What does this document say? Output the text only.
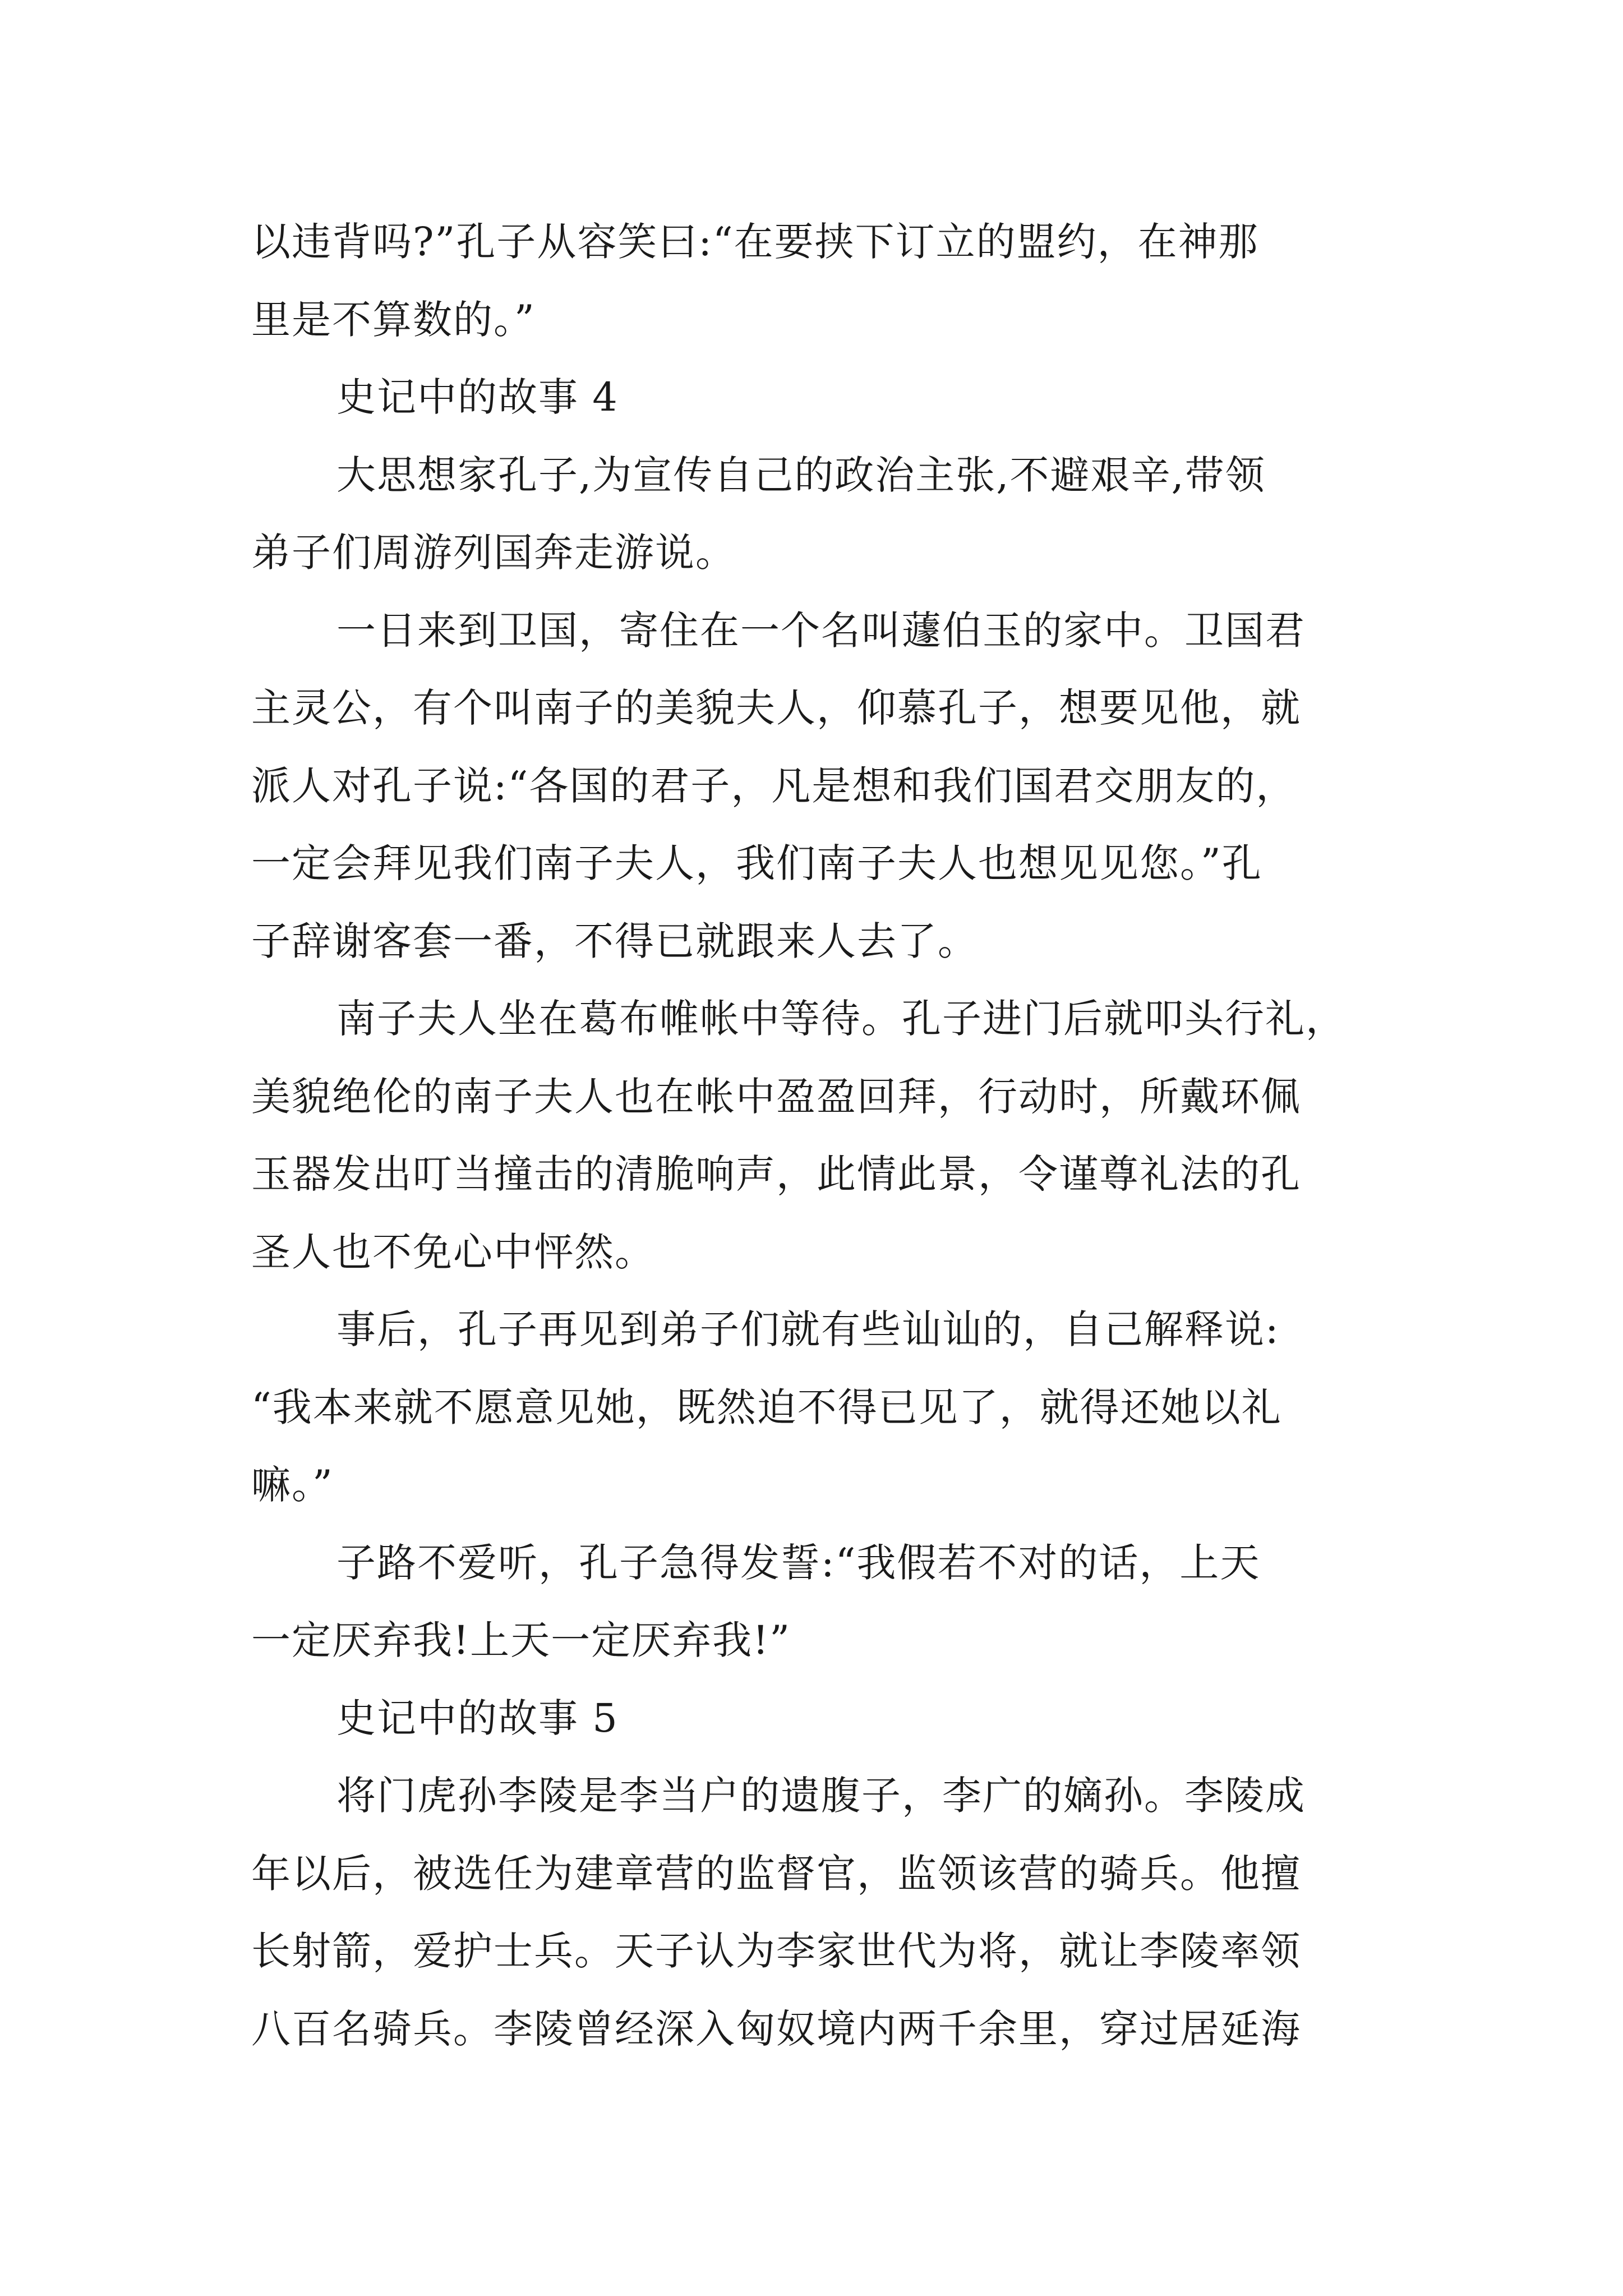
以违背吗?”孔子从容笑曰:“在要挟下订立的盟约，在神那
里是不算数的。”

史记中的故事 4

大思想家孔子,为宣传自己的政治主张,不避艰辛,带领
弟子们周游列国奔走游说。

一日来到卫国，寄住在一个名叫蘧伯玉的家中。卫国君
主灵公，有个叫南子的美貌夫人，仰慕孔子，想要见他，就
派人对孔子说:“各国的君子，凡是想和我们国君交朋友的，
一定会拜见我们南子夫人，我们南子夫人也想见见您。”孔
子辞谢客套一番，不得已就跟来人去了。

南子夫人坐在葛布帷帐中等待。孔子进门后就叩头行礼，
美貌绝伦的南子夫人也在帐中盈盈回拜，行动时，所戴环佩
玉器发出叮当撞击的清脆响声，此情此景，令谨尊礼法的孔
圣人也不免心中怦然。

事后，孔子再见到弟子们就有些讪讪的，自己解释说:
“我本来就不愿意见她，既然迫不得已见了，就得还她以礼
嘛。”

子路不爱听，孔子急得发誓:“我假若不对的话，上天
一定厌弃我!上天一定厌弃我!”

史记中的故事 5

将门虎孙李陵是李当户的遗腹子，李广的嫡孙。李陵成
年以后，被选任为建章营的监督官，监领该营的骑兵。他擅
长射箭，爱护士兵。天子认为李家世代为将，就让李陵率领
八百名骑兵。李陵曾经深入匈奴境内两千余里，穿过居延海
